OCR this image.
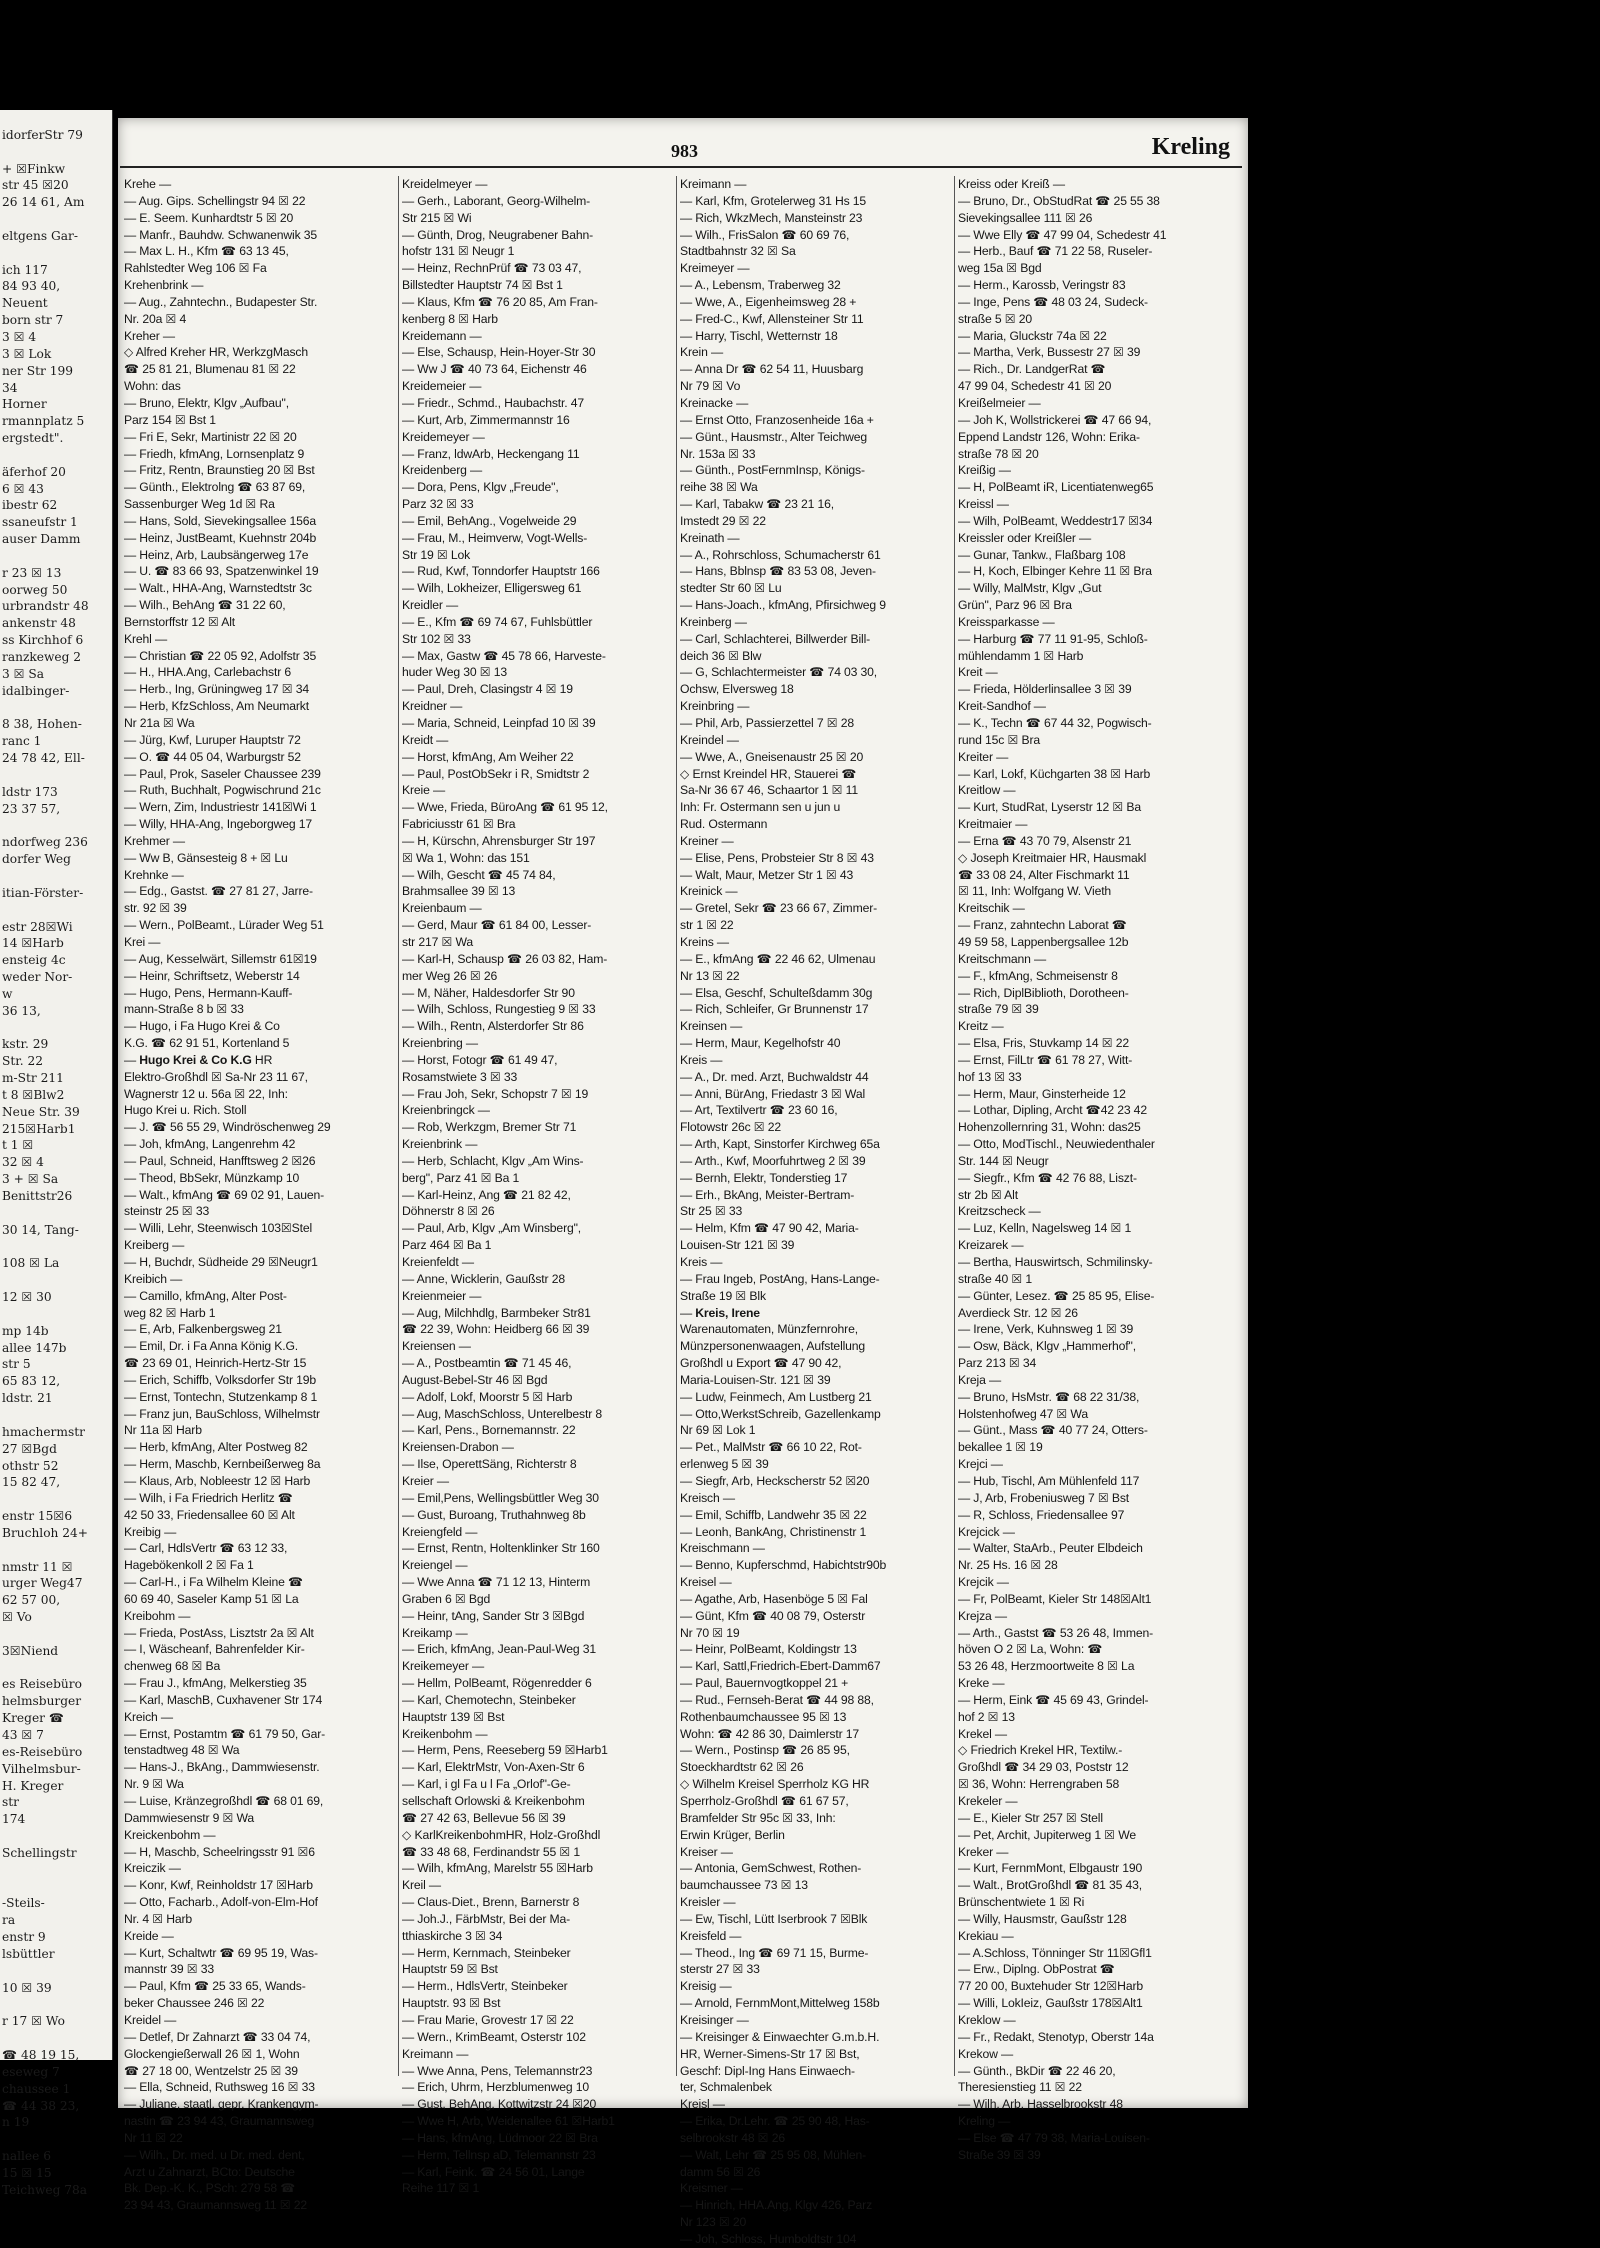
idorferStr 79

+ ☒Finkw
str 45 ☒20
26 14 61, Am

eltgens Gar-

ich 117
84 93 40,
Neuent
born str 7
3 ☒ 4
3 ☒ Lok
ner Str 199
34
Horner
rmannplatz 5
ergstedt".

äferhof 20
6 ☒ 43
ibestr 62
ssaneufstr 1
auser Damm

r 23 ☒ 13
oorweg 50
urbrandstr 48
ankenstr 48
ss Kirchhof 6
ranzkeweg 2
3 ☒ Sa
idalbinger-

8 38, Hohen-
ranc 1
24 78 42, Ell-

ldstr 173
23 37 57,

ndorfweg 236
dorfer Weg

itian-Förster-

estr 28☒Wi
14 ☒Harb
ensteig 4c
weder Nor-
w
36 13,

kstr. 29
Str. 22
m-Str 211
t 8 ☒Blw2
Neue Str. 39
215☒Harb1
t 1 ☒
32 ☒ 4
3 + ☒ Sa
Benittstr26

30 14, Tang-

108 ☒ La

12 ☒ 30

mp 14b
allee 147b
str 5
65 83 12,
ldstr. 21

hmachermstr
27 ☒Bgd
othstr 52
15 82 47,

enstr 15☒6
Bruchloh 24+

nmstr 11 ☒
urger Weg47
62 57 00,
☒ Vo

3☒Niend

es Reisebüro
helmsburger
Kreger ☎
43 ☒ 7
es-Reisebüro
Vilhelmsbur-
H. Kreger
str
174

Schellingstr

-Steils-
ra
enstr 9
lsbüttler

10 ☒ 39

r 17 ☒ Wo

☎ 48 19 15,
eseweg 7
chaussee 1
☎ 44 38 23,
n 19

nallee 6
15 ☒ 15
Teichweg 78a
983	Kreling
Krehe —
— Aug. Gips. Schellingstr 94 ☒ 22
— E. Seem. Kunhardtstr 5 ☒ 20
— Manfr., Bauhdw. Schwanenwik 35
— Max L. H., Kfm ☎ 63 13 45,
Rahlstedter Weg 106 ☒ Fa
Krehenbrink —
— Aug., Zahntechn., Budapester Str.
Nr. 20a ☒ 4
Kreher —
◇ Alfred Kreher HR, WerkzgMasch
☎ 25 81 21, Blumenau 81 ☒ 22
Wohn: das
— Bruno, Elektr, Klgv „Aufbau",
Parz 154 ☒ Bst 1
— Fri E, Sekr, Martinistr 22 ☒ 20
— Friedh, kfmAng, Lornsenplatz 9
— Fritz, Rentn, Braunstieg 20 ☒ Bst
— Günth., Elektrolng ☎ 63 87 69,
Sassenburger Weg 1d ☒ Ra
— Hans, Sold, Sievekingsallee 156a
— Heinz, JustBeamt, Kuehnstr 204b
— Heinz, Arb, Laubsängerweg 17e
— U. ☎ 83 66 93, Spatzenwinkel 19
— Walt., HHA-Ang, Warnstedtstr 3c
— Wilh., BehAng ☎ 31 22 60,
Bernstorffstr 12 ☒ Alt
Krehl —
— Christian ☎ 22 05 92, Adolfstr 35
— H., HHA.Ang, Carlebachstr 6
— Herb., Ing, Grüningweg 17 ☒ 34
— Herb, KfzSchloss, Am Neumarkt
Nr 21a ☒ Wa
— Jürg, Kwf, Luruper Hauptstr 72
— O. ☎ 44 05 04, Warburgstr 52
— Paul, Prok, Saseler Chaussee 239
— Ruth, Buchhalt, Pogwischrund 21c
— Wern, Zim, Industriestr 141☒Wi 1
— Willy, HHA-Ang, Ingeborgweg 17
Krehmer —
— Ww B, Gänsesteig 8 + ☒ Lu
Krehnke —
— Edg., Gastst. ☎ 27 81 27, Jarre-
str. 92 ☒ 39
— Wern., PolBeamt., Lürader Weg 51
Krei —
— Aug, Kesselwärt, Sillemstr 61☒19
— Heinr, Schriftsetz, Weberstr 14
— Hugo, Pens, Hermann-Kauff-
mann-Straße 8 b ☒ 33
— Hugo, i Fa Hugo Krei & Co
K.G. ☎ 62 91 51, Kortenland 5
— Hugo Krei & Co K.G HR
Elektro-Großhdl ☒ Sa-Nr 23 11 67,
Wagnerstr 12 u. 56a ☒ 22, Inh:
Hugo Krei u. Rich. Stoll
— J. ☎ 56 55 29, Windröschenweg 29
— Joh, kfmAng, Langenrehm 42
— Paul, Schneid, Hanfftsweg 2 ☒26
— Theod, BbSekr, Münzkamp 10
— Walt., kfmAng ☎ 69 02 91, Lauen-
steinstr 25 ☒ 33
— Willi, Lehr, Steenwisch 103☒Stel
Kreiberg —
— H, Buchdr, Südheide 29 ☒Neugr1
Kreibich —
— Camillo, kfmAng, Alter Post-
weg 82 ☒ Harb 1
— E, Arb, Falkenbergsweg 21
— Emil, Dr. i Fa Anna König K.G.
☎ 23 69 01, Heinrich-Hertz-Str 15
— Erich, Schiffb, Volksdorfer Str 19b
— Ernst, Tontechn, Stutzenkamp 8 1
— Franz jun, BauSchloss, Wilhelmstr
Nr 11a ☒ Harb
— Herb, kfmAng, Alter Postweg 82
— Herm, Maschb, Kernbeißerweg 8a
— Klaus, Arb, Nobleestr 12 ☒ Harb
— Wilh, i Fa Friedrich Herlitz ☎
42 50 33, Friedensallee 60 ☒ Alt
Kreibig —
— Carl, HdlsVertr ☎ 63 12 33,
Hagebökenkoll 2 ☒ Fa 1
— Carl-H., i Fa Wilhelm Kleine ☎
60 69 40, Saseler Kamp 51 ☒ La
Kreibohm —
— Frieda, PostAss, Lisztstr 2a ☒ Alt
— I, Wäscheanf, Bahrenfelder Kir-
chenweg 68 ☒ Ba
— Frau J., kfmAng, Melkerstieg 35
— Karl, MaschB, Cuxhavener Str 174
Kreich —
— Ernst, Postamtm ☎ 61 79 50, Gar-
tenstadtweg 48 ☒ Wa
— Hans-J., BkAng., Dammwiesenstr.
Nr. 9 ☒ Wa
— Luise, Kränzegroßhdl ☎ 68 01 69,
Dammwiesenstr 9 ☒ Wa
Kreickenbohm —
— H, Maschb, Scheelringsstr 91 ☒6
Kreiczik —
— Konr, Kwf, Reinholdstr 17 ☒Harb
— Otto, Facharb., Adolf-von-Elm-Hof
Nr. 4 ☒ Harb
Kreide —
— Kurt, Schaltwtr ☎ 69 95 19, Was-
mannstr 39 ☒ 33
— Paul, Kfm ☎ 25 33 65, Wands-
beker Chaussee 246 ☒ 22
Kreidel —
— Detlef, Dr Zahnarzt ☎ 33 04 74,
Glockengießerwall 26 ☒ 1, Wohn
☎ 27 18 00, Wentzelstr 25 ☒ 39
— Ella, Schneid, Ruthsweg 16 ☒ 33
— Juliane, staatl. gepr. Krankengym-
nastin ☎ 23 94 43, Graumannsweg
Nr 11 ☒ 22
— Wilh., Dr. med. u Dr. med. dent,
Arzt u Zahnarzt, BCto: Deutsche
Bk. Dep.-K. K., PSch: 279 58 ☎
23 94 43, Graumannsweg 11 ☒ 22
Kreidelmeyer —
— Gerh., Laborant, Georg-Wilhelm-
Str 215 ☒ Wi
— Günth, Drog, Neugrabener Bahn-
hofstr 131 ☒ Neugr 1
— Heinz, RechnPrüf ☎ 73 03 47,
Billstedter Hauptstr 74 ☒ Bst 1
— Klaus, Kfm ☎ 76 20 85, Am Fran-
kenberg 8 ☒ Harb
Kreidemann —
— Else, Schausp, Hein-Hoyer-Str 30
— Ww J ☎ 40 73 64, Eichenstr 46
Kreidemeier —
— Friedr., Schmd., Haubachstr. 47
— Kurt, Arb, Zimmermannstr 16
Kreidemeyer —
— Franz, ldwArb, Heckengang 11
Kreidenberg —
— Dora, Pens, Klgv „Freude",
Parz 32 ☒ 33
— Emil, BehAng., Vogelweide 29
— Frau, M., Heimverw, Vogt-Wells-
Str 19 ☒ Lok
— Rud, Kwf, Tonndorfer Hauptstr 166
— Wilh, Lokheizer, Elligersweg 61
Kreidler —
— E., Kfm ☎ 69 74 67, Fuhlsbüttler
Str 102 ☒ 33
— Max, Gastw ☎ 45 78 66, Harveste-
huder Weg 30 ☒ 13
— Paul, Dreh, Clasingstr 4 ☒ 19
Kreidner —
— Maria, Schneid, Leinpfad 10 ☒ 39
Kreidt —
— Horst, kfmAng, Am Weiher 22
— Paul, PostObSekr i R, Smidtstr 2
Kreie —
— Wwe, Frieda, BüroAng ☎ 61 95 12,
Fabriciusstr 61 ☒ Bra
— H, Kürschn, Ahrensburger Str 197
☒ Wa 1, Wohn: das 151
— Wilh, Gescht ☎ 45 74 84,
Brahmsallee 39 ☒ 13
Kreienbaum —
— Gerd, Maur ☎ 61 84 00, Lesser-
str 217 ☒ Wa
— Karl-H, Schausp ☎ 26 03 82, Ham-
mer Weg 26 ☒ 26
— M, Näher, Haldesdorfer Str 90
— Wilh, Schloss, Rungestieg 9 ☒ 33
— Wilh., Rentn, Alsterdorfer Str 86
Kreienbring —
— Horst, Fotogr ☎ 61 49 47,
Rosamstwiete 3 ☒ 33
— Frau Joh, Sekr, Schopstr 7 ☒ 19
Kreienbringck —
— Rob, Werkzgm, Bremer Str 71
Kreienbrink —
— Herb, Schlacht, Klgv „Am Wins-
berg", Parz 41 ☒ Ba 1
— Karl-Heinz, Ang ☎ 21 82 42,
Döhnerstr 8 ☒ 26
— Paul, Arb, Klgv „Am Winsberg",
Parz 464 ☒ Ba 1
Kreienfeldt —
— Anne, Wicklerin, Gaußstr 28
Kreienmeier —
— Aug, Milchhdlg, Barmbeker Str81
☎ 22 39, Wohn: Heidberg 66 ☒ 39
Kreiensen —
— A., Postbeamtin ☎ 71 45 46,
August-Bebel-Str 46 ☒ Bgd
— Adolf, Lokf, Moorstr 5 ☒ Harb
— Aug, MaschSchloss, Unterelbestr 8
— Karl, Pens., Bornemannstr. 22
Kreiensen-Drabon —
— Ilse, OperettSäng, Richterstr 8
Kreier —
— Emil,Pens, Wellingsbüttler Weg 30
— Gust, Buroang, Truthahnweg 8b
Kreiengfeld —
— Ernst, Rentn, Holtenklinker Str 160
Kreiengel —
— Wwe Anna ☎ 71 12 13, Hinterm
Graben 6 ☒ Bgd
— Heinr, tAng, Sander Str 3 ☒Bgd
Kreikamp —
— Erich, kfmAng, Jean-Paul-Weg 31
Kreikemeyer —
— Hellm, PolBeamt, Rögenredder 6
— Karl, Chemotechn, Steinbeker
Hauptstr 139 ☒ Bst
Kreikenbohm —
— Herm, Pens, Reeseberg 59 ☒Harb1
— Karl, ElektrMstr, Von-Axen-Str 6
— Karl, i gl Fa u l Fa „Orlof"-Ge-
sellschaft Orlowski & Kreikenbohm
☎ 27 42 63, Bellevue 56 ☒ 39
◇ KarlKreikenbohmHR, Holz-Großhdl
☎ 33 48 68, Ferdinandstr 55 ☒ 1
— Wilh, kfmAng, Marelstr 55 ☒Harb
Kreil —
— Claus-Diet., Brenn, Barnerstr 8
— Joh.J., FärbMstr, Bei der Ma-
tthiaskirche 3 ☒ 34
— Herm, Kernmach, Steinbeker
Hauptstr 59 ☒ Bst
— Herm., HdlsVertr, Steinbeker
Hauptstr. 93 ☒ Bst
— Frau Marie, Grovestr 17 ☒ 22
— Wern., KrimBeamt, Osterstr 102
Kreimann —
— Wwe Anna, Pens, Telemannstr23
— Erich, Uhrm, Herzblumenweg 10
— Gust, BehAng, Kottwitzstr 24 ☒20
— Wwe H, Arb, Weidenallee 61 ☒Harb1
— Hans, kfmAng, Lüdmoor 22 ☒ Bra
— Herm, Tellnsp aD, Telemannstr 23
— Karl, Feink. ☎ 24 56 01, Lange
Reihe 117 ☒ 1
Kreimann —
— Karl, Kfm, Grotelerweg 31 Hs 15
— Rich, WkzMech, Mansteinstr 23
— Wilh., FrisSalon ☎ 60 69 76,
Stadtbahnstr 32 ☒ Sa
Kreimeyer —
— A., Lebensm, Traberweg 32
— Wwe, A., Eigenheimsweg 28 +
— Fred-C., Kwf, Allensteiner Str 11
— Harry, Tischl, Wetternstr 18
Krein —
— Anna Dr ☎ 62 54 11, Huusbarg
Nr 79 ☒ Vo
Kreinacke —
— Ernst Otto, Franzosenheide 16a +
— Günt., Hausmstr., Alter Teichweg
Nr. 153a ☒ 33
— Günth., PostFernmInsp, Königs-
reihe 38 ☒ Wa
— Karl, Tabakw ☎ 23 21 16,
Imstedt 29 ☒ 22
Kreinath —
— A., Rohrschloss, Schumacherstr 61
— Hans, Bblnsp ☎ 83 53 08, Jeven-
stedter Str 60 ☒ Lu
— Hans-Joach., kfmAng, Pfirsichweg 9
Kreinberg —
— Carl, Schlachterei, Billwerder Bill-
deich 36 ☒ Blw
— G, Schlachtermeister ☎ 74 03 30,
Ochsw, Elversweg 18
Kreinbring —
— Phil, Arb, Passierzettel 7 ☒ 28
Kreindel —
— Wwe, A., Gneisenaustr 25 ☒ 20
◇ Ernst Kreindel HR, Stauerei ☎
Sa-Nr 36 67 46, Schaartor 1 ☒ 11
Inh: Fr. Ostermann sen u jun u
Rud. Ostermann
Kreiner —
— Elise, Pens, Probsteier Str 8 ☒ 43
— Walt, Maur, Metzer Str 1 ☒ 43
Kreinick —
— Gretel, Sekr ☎ 23 66 67, Zimmer-
str 1 ☒ 22
Kreins —
— E., kfmAng ☎ 22 46 62, Ulmenau
Nr 13 ☒ 22
— Elsa, Geschf, Schulteßdamm 30g
— Rich, Schleifer, Gr Brunnenstr 17
Kreinsen —
— Herm, Maur, Kegelhofstr 40
Kreis —
— A., Dr. med. Arzt, Buchwaldstr 44
— Anni, BürAng, Friedastr 3 ☒ Wal
— Art, Textilvertr ☎ 23 60 16,
Flotowstr 26c ☒ 22
— Arth, Kapt, Sinstorfer Kirchweg 65a
— Arth., Kwf, Moorfuhrtweg 2 ☒ 39
— Bernh, Elektr, Tonderstieg 17
— Erh., BkAng, Meister-Bertram-
Str 25 ☒ 33
— Helm, Kfm ☎ 47 90 42, Maria-
Louisen-Str 121 ☒ 39
Kreis —
— Frau Ingeb, PostAng, Hans-Lange-
Straße 19 ☒ Blk
— Kreis, Irene
Warenautomaten, Münzfernrohre,
Münzpersonenwaagen, Aufstellung
Großhdl u Export ☎ 47 90 42,
Maria-Louisen-Str. 121 ☒ 39
— Ludw, Feinmech, Am Lustberg 21
— Otto,WerkstSchreib, Gazellenkamp
Nr 69 ☒ Lok 1
— Pet., MalMstr ☎ 66 10 22, Rot-
erlenweg 5 ☒ 39
— Siegfr, Arb, Heckscherstr 52 ☒20
Kreisch —
— Emil, Schiffb, Landwehr 35 ☒ 22
— Leonh, BankAng, Christinenstr 1
Kreischmann —
— Benno, Kupferschmd, Habichtstr90b
Kreisel —
— Agathe, Arb, Hasenböge 5 ☒ Fal
— Günt, Kfm ☎ 40 08 79, Osterstr
Nr 70 ☒ 19
— Heinr, PolBeamt, Koldingstr 13
— Karl, Sattl,Friedrich-Ebert-Damm67
— Paul, Bauernvogtkoppel 21 +
— Rud., Fernseh-Berat ☎ 44 98 88,
Rothenbaumchaussee 95 ☒ 13
Wohn: ☎ 42 86 30, Daimlerstr 17
— Wern., Postinsp ☎ 26 85 95,
Stoeckhardtstr 62 ☒ 26
◇ Wilhelm Kreisel Sperrholz KG HR
Sperrholz-Großhdl ☎ 61 67 57,
Bramfelder Str 95c ☒ 33, Inh:
Erwin Krüger, Berlin
Kreiser —
— Antonia, GemSchwest, Rothen-
baumchaussee 73 ☒ 13
Kreisler —
— Ew, Tischl, Lütt Iserbrook 7 ☒Blk
Kreisfeld —
— Theod., Ing ☎ 69 71 15, Burme-
sterstr 27 ☒ 33
Kreisig —
— Arnold, FernmMont,Mittelweg 158b
Kreisinger —
— Kreisinger & Einwaechter G.m.b.H.
HR, Werner-Simens-Str 17 ☒ Bst,
Geschf: Dipl-Ing Hans Einwaech-
ter, Schmalenbek
Kreisl —
— Erika, Dr.Lehr. ☎ 25 90 48, Has-
selbrookstr 48 ☒ 26
— Walt, Lehr ☎ 25 95 08, Mühlen-
damm 56 ☒ 26
Kreismer —
— Hinrich, HHA.Ang, Klgv 426, Parz
Nr 123 ☒ 20
— Joh, Schloss, Humboldtstr 104
Kreiss oder Kreiß —
— Bruno, Dr., ObStudRat ☎ 25 55 38
Sievekingsallee 111 ☒ 26
— Wwe Elly ☎ 47 99 04, Schedestr 41
— Herb., Bauf ☎ 71 22 58, Ruseler-
weg 15a ☒ Bgd
— Herm., Karossb, Veringstr 83
— Inge, Pens ☎ 48 03 24, Sudeck-
straße 5 ☒ 20
— Maria, Gluckstr 74a ☒ 22
— Martha, Verk, Bussestr 27 ☒ 39
— Rich., Dr. LandgerRat ☎
47 99 04, Schedestr 41 ☒ 20
Kreißelmeier —
— Joh K, Wollstrickerei ☎ 47 66 94,
Eppend Landstr 126, Wohn: Erika-
straße 78 ☒ 20
Kreißig —
— H, PolBeamt iR, Licentiatenweg65
Kreissl —
— Wilh, PolBeamt, Weddestr17 ☒34
Kreissler oder Kreißler —
— Gunar, Tankw., Flaßbarg 108
— H, Koch, Elbinger Kehre 11 ☒ Bra
— Willy, MalMstr, Klgv „Gut
Grün", Parz 96 ☒ Bra
Kreissparkasse —
— Harburg ☎ 77 11 91-95, Schloß-
mühlendamm 1 ☒ Harb
Kreit —
— Frieda, Hölderlinsallee 3 ☒ 39
Kreit-Sandhof —
— K., Techn ☎ 67 44 32, Pogwisch-
rund 15c ☒ Bra
Kreiter —
— Karl, Lokf, Küchgarten 38 ☒ Harb
Kreitlow —
— Kurt, StudRat, Lyserstr 12 ☒ Ba
Kreitmaier —
— Erna ☎ 43 70 79, Alsenstr 21
◇ Joseph Kreitmaier HR, Hausmakl
☎ 33 08 24, Alter Fischmarkt 11
☒ 11, Inh: Wolfgang W. Vieth
Kreitschik —
— Franz, zahntechn Laborat ☎
49 59 58, Lappenbergsallee 12b
Kreitschmann —
— F., kfmAng, Schmeisenstr 8
— Rich, DiplBiblioth, Dorotheen-
straße 79 ☒ 39
Kreitz —
— Elsa, Fris, Stuvkamp 14 ☒ 22
— Ernst, FilLtr ☎ 61 78 27, Witt-
hof 13 ☒ 33
— Herm, Maur, Ginsterheide 12
— Lothar, Dipling, Archt ☎42 23 42
Hohenzollernring 31, Wohn: das25
— Otto, ModTischl., Neuwiedenthaler
Str. 144 ☒ Neugr
— Siegfr., Kfm ☎ 42 76 88, Liszt-
str 2b ☒ Alt
Kreitzscheck —
— Luz, Kelln, Nagelsweg 14 ☒ 1
Kreizarek —
— Bertha, Hauswirtsch, Schmilinsky-
straße 40 ☒ 1
— Günter, Lesez. ☎ 25 85 95, Elise-
Averdieck Str. 12 ☒ 26
— Irene, Verk, Kuhnsweg 1 ☒ 39
— Osw, Bäck, Klgv „Hammerhof",
Parz 213 ☒ 34
Kreja —
— Bruno, HsMstr. ☎ 68 22 31/38,
Holstenhofweg 47 ☒ Wa
— Günt., Mass ☎ 40 77 24, Otters-
bekallee 1 ☒ 19
Krejci —
— Hub, Tischl, Am Mühlenfeld 117
— J, Arb, Frobeniusweg 7 ☒ Bst
— R, Schloss, Friedensallee 97
Krejcick —
— Walter, StaArb., Peuter Elbdeich
Nr. 25 Hs. 16 ☒ 28
Krejcik —
— Fr, PolBeamt, Kieler Str 148☒Alt1
Krejza —
— Arth., Gastst ☎ 53 26 48, Immen-
höven O 2 ☒ La, Wohn: ☎
53 26 48, Herzmoortweite 8 ☒ La
Kreke —
— Herm, Eink ☎ 45 69 43, Grindel-
hof 2 ☒ 13
Krekel —
◇ Friedrich Krekel HR, Textilw.-
Großhdl ☎ 34 29 03, Poststr 12
☒ 36, Wohn: Herrengraben 58
Krekeler —
— E., Kieler Str 257 ☒ Stell
— Pet, Archit, Jupiterweg 1 ☒ We
Kreker —
— Kurt, FernmMont, Elbgaustr 190
— Walt., BrotGroßhdl ☎ 81 35 43,
Brünschentwiete 1 ☒ Ri
— Willy, Hausmstr, Gaußstr 128
Krekiau —
— A.Schloss, Tönninger Str 11☒Gfl1
— Erw., Diplng. ObPostrat ☎
77 20 00, Buxtehuder Str 12☒Harb
— Willi, LokIeiz, Gaußstr 178☒Alt1
Kreklow —
— Fr., Redakt, Stenotyp, Oberstr 14a
Krekow —
— Günth., BkDir ☎ 22 46 20,
Theresienstieg 11 ☒ 22
— Wilh, Arb, Hasselbrookstr 48
Kreling —
— Else ☎ 47 79 38, Maria-Louisen-
Straße 39 ☒ 39
